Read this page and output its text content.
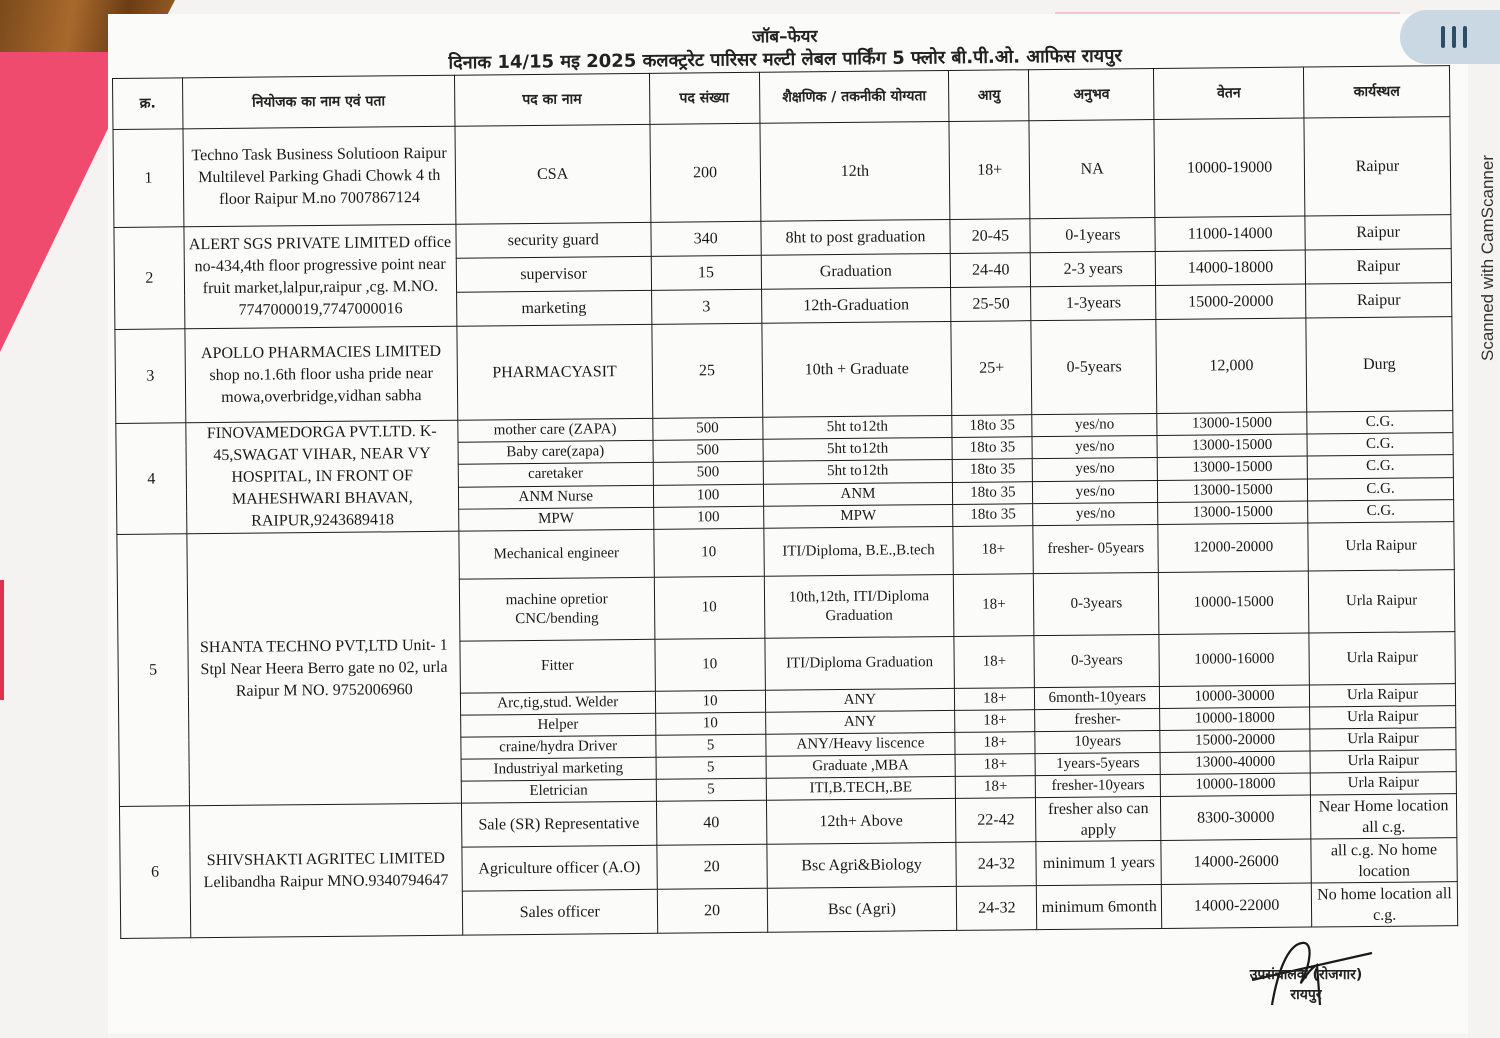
Scanned with CamScanner
जॉब–फेयर
दिनाक 14/15 मइ 2025 कलक्ट्ररेट पारिसर मल्टी लेबल पार्किंग 5 फ्लोर बी.पी.ओ. आफिस रायपुर
क्र.	नियोजक का नाम एवं पता	पद का नाम	पद संख्या	शैक्षणिक / तकनीकी योग्यता	आयु	अनुभव	वेतन	कार्यस्थल
1	Techno Task Business Solutioon Raipur Multilevel Parking Ghadi Chowk 4 th floor Raipur M.no 7007867124	CSA	200	12th	18+	NA	10000-19000	Raipur
2	ALERT SGS PRIVATE LIMITED office no-434,4th floor progressive point near fruit market,lalpur,raipur ,cg. M.NO. 7747000019,7747000016	security guard	340	8ht to post graduation	20-45	0-1years	11000-14000	Raipur
		supervisor	15	Graduation	24-40	2-3 years	14000-18000	Raipur
		marketing	3	12th-Graduation	25-50	1-3years	15000-20000	Raipur
3	APOLLO PHARMACIES LIMITED shop no.1.6th floor usha pride near mowa,overbridge,vidhan sabha	PHARMACYASIT	25	10th + Graduate	25+	0-5years	12,000	Durg
4	FINOVAMEDORGA PVT.LTD. K-45,SWAGAT VIHAR, NEAR VY HOSPITAL, IN FRONT OF MAHESHWARI BHAVAN, RAIPUR,9243689418	mother care (ZAPA)	500	5ht to12th	18to 35	yes/no	13000-15000	C.G.
		Baby care(zapa)	500	5ht to12th	18to 35	yes/no	13000-15000	C.G.
		caretaker	500	5ht to12th	18to 35	yes/no	13000-15000	C.G.
		ANM Nurse	100	ANM	18to 35	yes/no	13000-15000	C.G.
		MPW	100	MPW	18to 35	yes/no	13000-15000	C.G.
5	SHANTA TECHNO PVT,LTD Unit- 1 Stpl Near Heera Berro gate no 02, urla Raipur M NO. 9752006960	Mechanical engineer	10	ITI/Diploma, B.E.,B.tech	18+	fresher- 05years	12000-20000	Urla Raipur
		machine opretior CNC/bending	10	10th,12th, ITI/Diploma Graduation	18+	0-3years	10000-15000	Urla Raipur
		Fitter	10	ITI/Diploma Graduation	18+	0-3years	10000-16000	Urla Raipur
		Arc,tig,stud. Welder	10	ANY	18+	6month-10years	10000-30000	Urla Raipur
		Helper	10	ANY	18+	fresher-	10000-18000	Urla Raipur
		craine/hydra Driver	5	ANY/Heavy liscence	18+	10years	15000-20000	Urla Raipur
		Industriyal marketing	5	Graduate ,MBA	18+	1years-5years	13000-40000	Urla Raipur
		Eletrician	5	ITI,B.TECH,.BE	18+	fresher-10years	10000-18000	Urla Raipur
6	SHIVSHAKTI AGRITEC LIMITED Lelibandha Raipur MNO.9340794647	Sale (SR) Representative	40	12th+ Above	22-42	fresher also can apply	8300-30000	Near Home location all c.g.
		Agriculture officer (A.O)	20	Bsc Agri&Biology	24-32	minimum 1 years	14000-26000	all c.g. No home location
		Sales officer	20	Bsc (Agri)	24-32	minimum 6month	14000-22000	No home location all c.g.
उपसंचालक (रोजगार)
रायपुर
